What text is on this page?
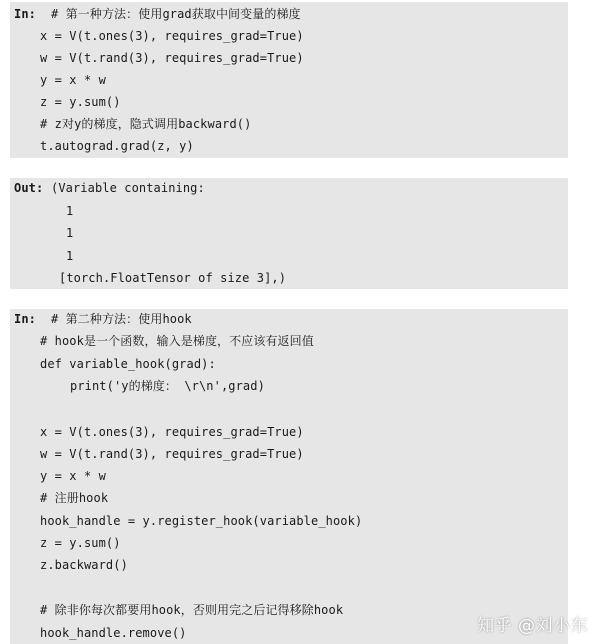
In: # 第一种方法：使用grad获取中间变量的梯度
x = V(t.ones(3), requires_grad=True)
w = V(t.rand(3), requires_grad=True)
y = x * w
z = y.sum()
# z对y的梯度，隐式调用backward()
t.autograd.grad(z, y)
Out: (Variable containing:
1
1
1
[torch.FloatTensor of size 3],)
In: # 第二种方法：使用hook
# hook是一个函数，输入是梯度，不应该有返回值
def variable_hook(grad):
print('y的梯度： \r\n',grad)
x = V(t.ones(3), requires_grad=True)
w = V(t.rand(3), requires_grad=True)
y = x * w
# 注册hook
hook_handle = y.register_hook(variable_hook)
z = y.sum()
z.backward()
# 除非你每次都要用hook，否则用完之后记得移除hook
hook_handle.remove()	知乎 @刘小东
